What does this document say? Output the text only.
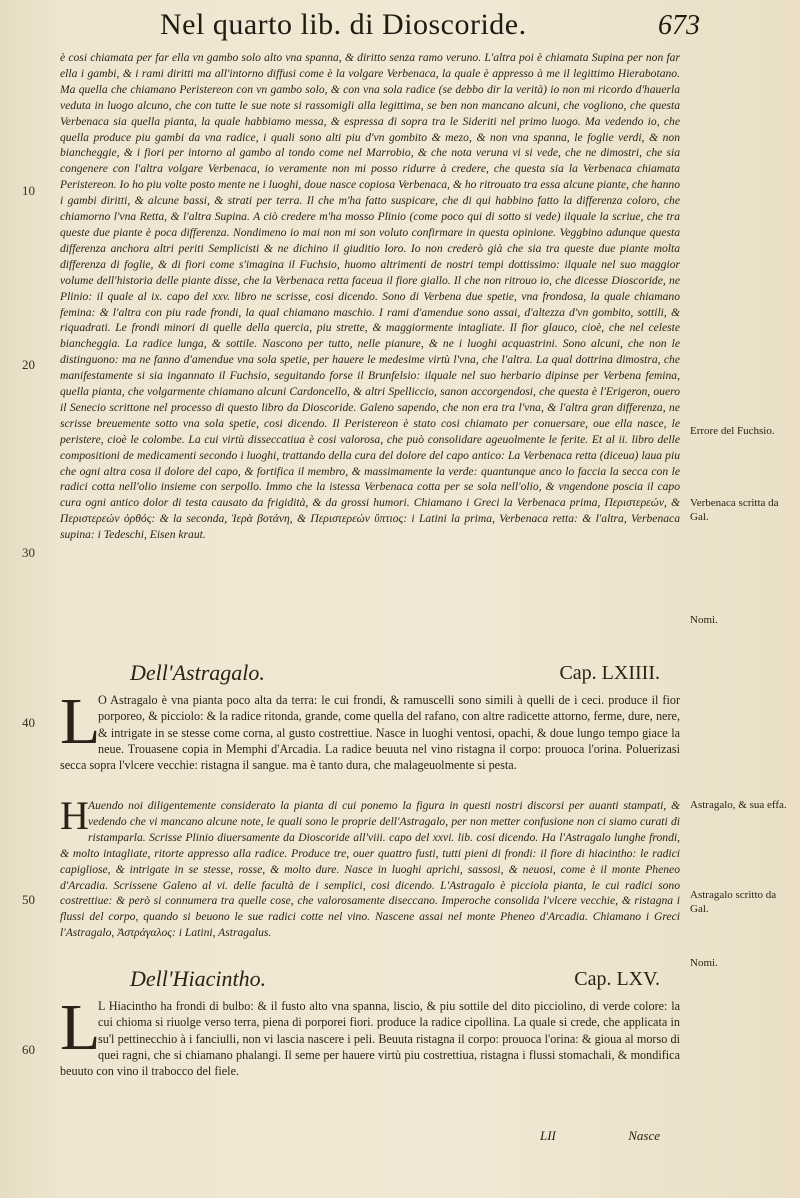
Nel quarto lib. di Dioscoride.	673
10
20
30
40
50
60

è cosi chiamata per far ella vn gambo solo alto vna spanna, & diritto senza ramo veruno. L'altra poi è chiamata Supina per non far ella i gambi, & i rami diritti ma all'intorno diffusi come è la volgare Verbenaca, la quale è appresso à me il legittimo Hierabotano. Ma quella che chiamano Peristereon con vn gambo solo, & con vna sola radice (se debbo dir la verità) io non mi ricordo d'hauerla veduta in luogo alcuno, che con tutte le sue note si rassomigli alla legittima, se ben non mancano alcuni, che vogliono, che questa Verbenaca sia quella pianta, la quale habbiamo messa, & espressa di sopra tra le Sideriti nel primo luogo. Ma vedendo io, che quella produce piu gambi da vna radice, i quali sono alti piu d'vn gombito & mezo, & non vna spanna, le foglie verdi, & non biancheggie, & i fiori per intorno al gambo al tondo come nel Marrobio, & che nota veruna vi si vede, che ne dimostri, che sia congenere con l'altra volgare Verbenaca, io veramente non mi posso ridurre à credere, che questa sia la Verbenaca chiamata Peristereon. Io ho piu volte posto mente ne i luoghi, doue nasce copiosa Verbenaca, & ho ritrouato tra essa alcune piante, che hanno i gambi diritti, & alcune bassi, & strati per terra. Il che m'ha fatto suspicare, che di qui habbino fatto la differenza coloro, che chiamorno l'vna Retta, & l'altra Supina. A ciò credere m'ha mosso Plinio (come poco qui di sotto si vede) ilquale la scriue, che tra queste due piante è poca differenza. Nondimeno io mai non mi son voluto confirmare in questa opinione. Veggbino adunque questa differenza anchora altri periti Semplicisti & ne dichino il giuditio loro. Io non crederò già che sia tra queste due piante molta differenza di foglie, & di fiori come s'imagina il Fuchsio, huomo altrimenti de nostri tempi dottissimo: ilquale nel suo maggior volume dell'historia delle piante disse, che la Verbenaca retta faceua il fiore giallo. Il che non ritrouo io, che dicesse Dioscoride, ne Plinio: il quale al ix. capo del xxv. libro ne scrisse, cosi dicendo. Sono di Verbena due spetie, vna frondosa, la quale chiamano femina: & l'altra con piu rade frondi, la qual chiamano maschio. I rami d'amendue sono assai, d'altezza d'vn gombito, sottili, & riquadrati. Le frondi minori di quelle della quercia, piu strette, & maggiormente intagliate. Il fior glauco, cioè, che nel celeste biancheggia. La radice lunga, & sottile. Nascono per tutto, nelle pianure, & ne i luoghi acquastrini. Sono alcuni, che non le distinguono: ma ne fanno d'amendue vna sola spetie, per hauere le medesime virtù l'vna, che l'altra. La qual dottrina dimostra, che manifestamente si sia ingannato il Fuchsio, seguitando forse il Brunfelsio: ilquale nel suo herbario dipinse per Verbena femina, quella pianta, che volgarmente chiamano alcuni Cardoncello, & altri Spelliccio, sanon accorgendosi, che questa è l'Erigeron, ouero il Senecio scrittone nel processo di questo libro da Dioscoride. Galeno sapendo, che non era tra l'vna, & l'altra gran differenza, ne scrisse breuemente sotto vna sola spetie, cosi dicendo. Il Peristereon è stato cosi chiamato per conuersare, oue ella nasce, le peristere, cioè le colombe. La cui virtù disseccatiua è cosi valorosa, che può consolidare ageuolmente le ferite. Et al ii. libro delle compositioni de medicamenti secondo i luoghi, trattando della cura del dolore del capo antico: La Verbenaca retta (diceua) laua piu che ogni altra cosa il dolore del capo, & fortifica il membro, & massimamente la verde: quantunque anco lo faccia la secca con le radici cotta nell'olio insieme con serpollo. Immo che la istessa Verbenaca cotta per se sola nell'olio, & vngendone poscia il capo cura ogni antico dolor di testa causato da frigidità, & da grossi humori. Chiamano i Greci la Verbenaca prima, Περιστερεών, & Περιστερεών ὀρθός: & la seconda, Ἱερὰ βοτάνη, & Περιστερεών ὕπτιος: i Latini la prima, Verbenaca retta: & l'altra, Verbenaca supina: i Tedeschi, Eisen kraut.

Errore del Fuchsio.
Verbenaca scritta da Gal.
Nomi.
Dell'Astragalo.	Cap. LXIIII.
L
O Astragalo è vna pianta poco alta da terra: le cui frondi, & ramuscelli sono simili à quelli de i ceci. produce il fior porporeo, & picciolo: & la radice ritonda, grande, come quella del rafano, con altre radicette attorno, ferme, dure, nere, & intrigate in se stesse come corna, al gusto costrettiue. Nasce in luoghi ventosi, opachi, & doue lungo tempo giace la neue. Trouasene copia in Memphi d'Arcadia. La radice beuuta nel vino ristagna il corpo: prouoca l'orina. Poluerizasi secca sopra l'vlcere vecchie: ristagna il sangue. ma è tanto dura, che malageuolmente si pesta.
H Auendo noi diligentemente considerato la pianta di cui ponemo la figura in questi nostri discorsi per auanti stampati, & vedendo che vi mancano alcune note, le quali sono le proprie dell'Astragalo, per non metter confusione non ci siamo curati di ristamparla. Scrisse Plinio diuersamente da Dioscoride all'viii. capo del xxvi. lib. cosi dicendo. Ha l'Astragalo lunghe frondi, & molto intagliate, ritorte appresso alla radice. Produce tre, ouer quattro fusti, tutti pieni di frondi: il fiore di hiacintho: le radici capigliose, & intrigate in se stesse, rosse, & molto dure. Nasce in luoghi aprichi, sassosi, & neuosi, come è il monte Pheneo d'Arcadia. Scrissene Galeno al vi. delle facultà de i semplici, cosi dicendo. L'Astragalo è picciola pianta, le cui radici sono costrettiue: & però si connumera tra quelle cose, che valorosamente diseccano. Imperoche consolida l'vlcere vecchie, & ristagna i flussi del corpo, quando si beuono le sue radici cotte nel vino. Nascene assai nel monte Pheneo d'Arcadia. Chiamano i Greci l'Astragalo, Ἀστράγαλος: i Latini, Astragalus.
Astragalo, & sua effa.
Astragalo scritto da Gal.
Nomi.
Dell'Hiacintho.	Cap. LXV.
L
L Hiacintho ha frondi di bulbo: & il fusto alto vna spanna, liscio, & piu sottile del dito picciolino, di verde colore: la cui chioma si riuolge verso terra, piena di porporei fiori. produce la radice cipollina. La quale si crede, che applicata in su'l pettinecchio à i fanciulli, non vi lascia nascere i peli. Beuuta ristagna il corpo: prouoca l'orina: & gioua al morso di quei ragni, che si chiamano phalangi. Il seme per hauere virtù piu costrettiua, ristagna i flussi stomachali, & mondifica beuuto con vino il trabocco del fiele.
LII	Nasce
